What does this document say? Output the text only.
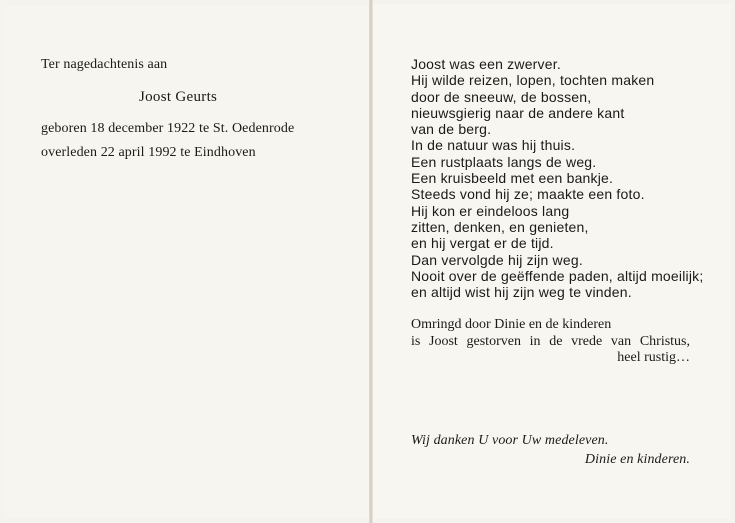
Ter nagedachtenis aan
Joost Geurts
geboren 18 december 1922 te St. Oedenrode
overleden 22 april 1992 te Eindhoven
Joost was een zwerver.
Hij wilde reizen, lopen, tochten maken
door de sneeuw, de bossen,
nieuwsgierig naar de andere kant
van de berg.
In de natuur was hij thuis.
Een rustplaats langs de weg.
Een kruisbeeld met een bankje.
Steeds vond hij ze; maakte een foto.
Hij kon er eindeloos lang
zitten, denken, en genieten,
en hij vergat er de tijd.
Dan vervolgde hij zijn weg.
Nooit over de geëffende paden, altijd moeilijk;
en altijd wist hij zijn weg te vinden.
Omringd door Dinie en de kinderen
is Joost gestorven in de vrede van Christus,
heel rustig…
Wij danken U voor Uw medeleven.
Dinie en kinderen.
